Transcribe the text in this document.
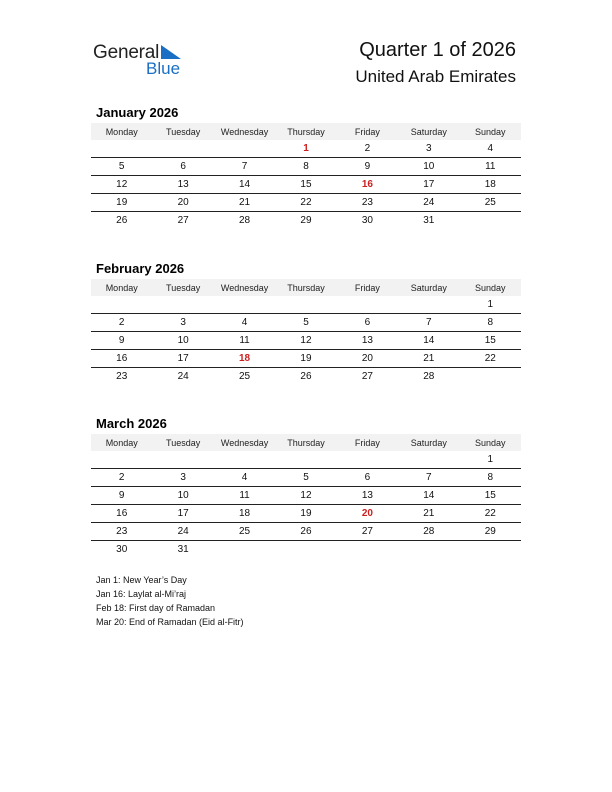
General
Blue
Quarter 1 of 2026
United Arab Emirates
January 2026
Monday	Tuesday	Wednesday	Thursday	Friday	Saturday	Sunday
			1	2	3	4
5	6	7	8	9	10	11
12	13	14	15	16	17	18
19	20	21	22	23	24	25
26	27	28	29	30	31	
February 2026
Monday	Tuesday	Wednesday	Thursday	Friday	Saturday	Sunday
						1
2	3	4	5	6	7	8
9	10	11	12	13	14	15
16	17	18	19	20	21	22
23	24	25	26	27	28	
March 2026
Monday	Tuesday	Wednesday	Thursday	Friday	Saturday	Sunday
						1
2	3	4	5	6	7	8
9	10	11	12	13	14	15
16	17	18	19	20	21	22
23	24	25	26	27	28	29
30	31					
Jan 1: New Year’s Day
Jan 16: Laylat al-Mi’raj
Feb 18: First day of Ramadan
Mar 20: End of Ramadan (Eid al-Fitr)
